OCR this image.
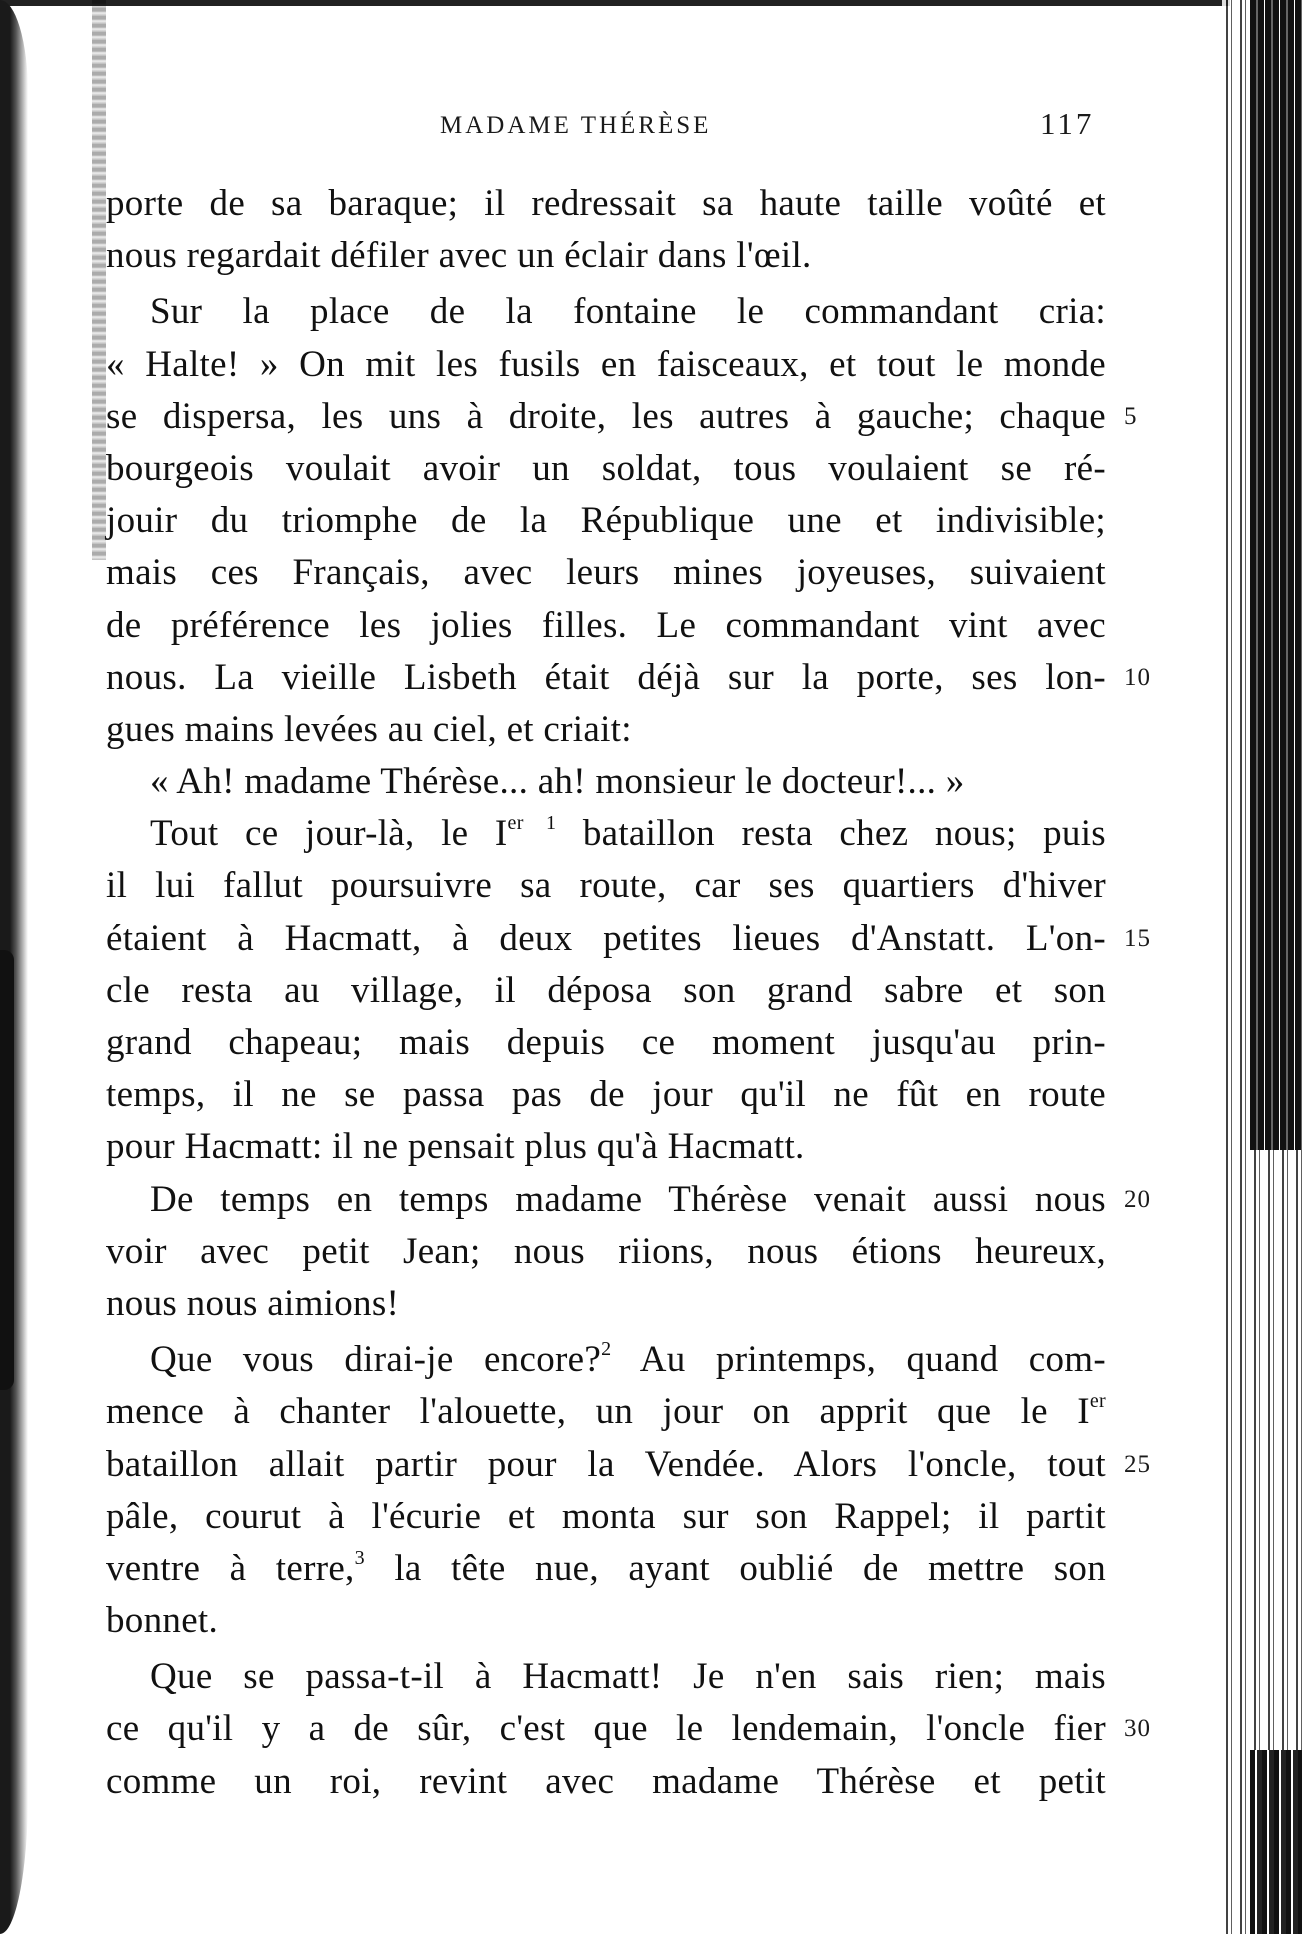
MADAME THÉRÈSE	117
porte de sa baraque; il redressait sa haute taille voûté et
nous regardait défiler avec un éclair dans l'œil.
Sur la place de la fontaine le commandant cria:
« Halte! » On mit les fusils en faisceaux, et tout le monde
se dispersa, les uns à droite, les autres à gauche; chaque 5
bourgeois voulait avoir un soldat, tous voulaient se ré-
jouir du triomphe de la République une et indivisible;
mais ces Français, avec leurs mines joyeuses, suivaient
de préférence les jolies filles. Le commandant vint avec
nous. La vieille Lisbeth était déjà sur la porte, ses lon- 10
gues mains levées au ciel, et criait:
« Ah! madame Thérèse... ah! monsieur le docteur!... »
Tout ce jour-là, le $I^{er 1}$ bataillon resta chez nous; puis
il lui fallut poursuivre sa route, car ses quartiers d'hiver
étaient à Hacmatt, à deux petites lieues d'Anstatt. L'on- 15
cle resta au village, il déposa son grand sabre et son
grand chapeau; mais depuis ce moment jusqu'au prin-
temps, il ne se passa pas de jour qu'il ne fût en route
pour Hacmatt: il ne pensait plus qu'à Hacmatt.
De temps en temps madame Thérèse venait aussi nous 20
voir avec petit Jean; nous riions, nous étions heureux,
nous nous aimions!
Que vous dirai-je encore?$^2$ Au printemps, quand com-
mence à chanter l'alouette, un jour on apprit que le Ier
bataillon allait partir pour la Vendée. Alors l'oncle, tout 25
pâle, courut à l'écurie et monta sur son Rappel; il partit
ventre à terre,$^3$ la tête nue, ayant oublié de mettre son
bonnet.
Que se passa-t-il à Hacmatt! Je n'en sais rien; mais
ce qu'il y a de sûr, c'est que le lendemain, l'oncle fier 30
comme un roi, revint avec madame Thérèse et petit
